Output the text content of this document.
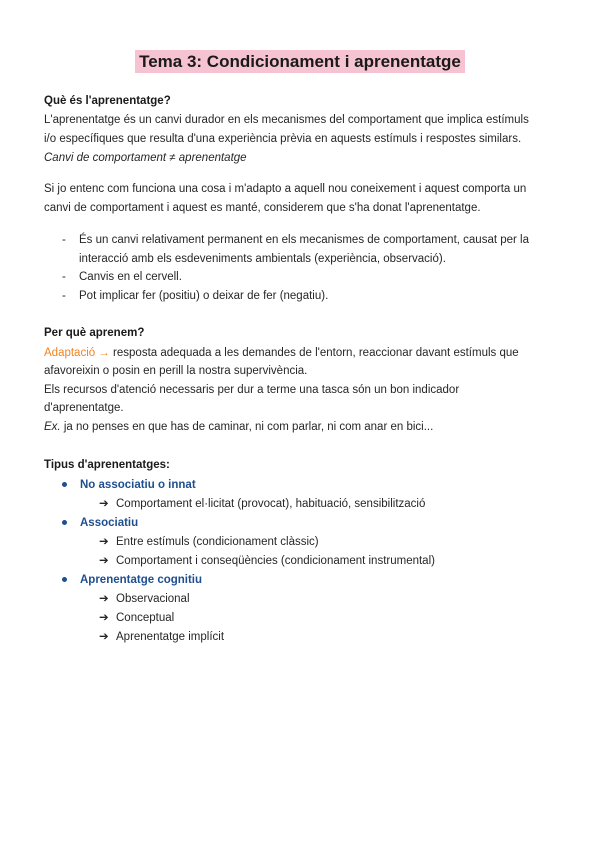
Tema 3: Condicionament i aprenentatge
Què és l'aprenentatge?
L'aprenentatge és un canvi durador en els mecanismes del comportament que implica estímuls
i/o específiques que resulta d'una experiència prèvia en aquests estímuls i respostes similars.
Canvi de comportament ≠ aprenentatge
Si jo entenc com funciona una cosa i m'adapto a aquell nou coneixement i aquest comporta un
canvi de comportament i aquest es manté, considerem que s'ha donat l'aprenentatge.
- És un canvi relativament permanent en els mecanismes de comportament, causat per la
interacció amb els esdeveniments ambientals (experiència, observació).
- Canvis en el cervell.
- Pot implicar fer (positiu) o deixar de fer (negatiu).
Per què aprenem?
Adaptació → resposta adequada a les demandes de l'entorn, reaccionar davant estímuls que
afavoreixin o posin en perill la nostra supervivència.
Els recursos d'atenció necessaris per dur a terme una tasca són un bon indicador
d'aprenentatge.
Ex. ja no penses en que has de caminar, ni com parlar, ni com anar en bici...
Tipus d'aprenentatges:
No associatiu o innat
➔ Comportament el·licitat (provocat), habituació, sensibilització
Associatiu
➔ Entre estímuls (condicionament clàssic)
➔ Comportament i conseqüències (condicionament instrumental)
Aprenentatge cognitiu
➔ Observacional
➔ Conceptual
➔ Aprenentatge implícit
